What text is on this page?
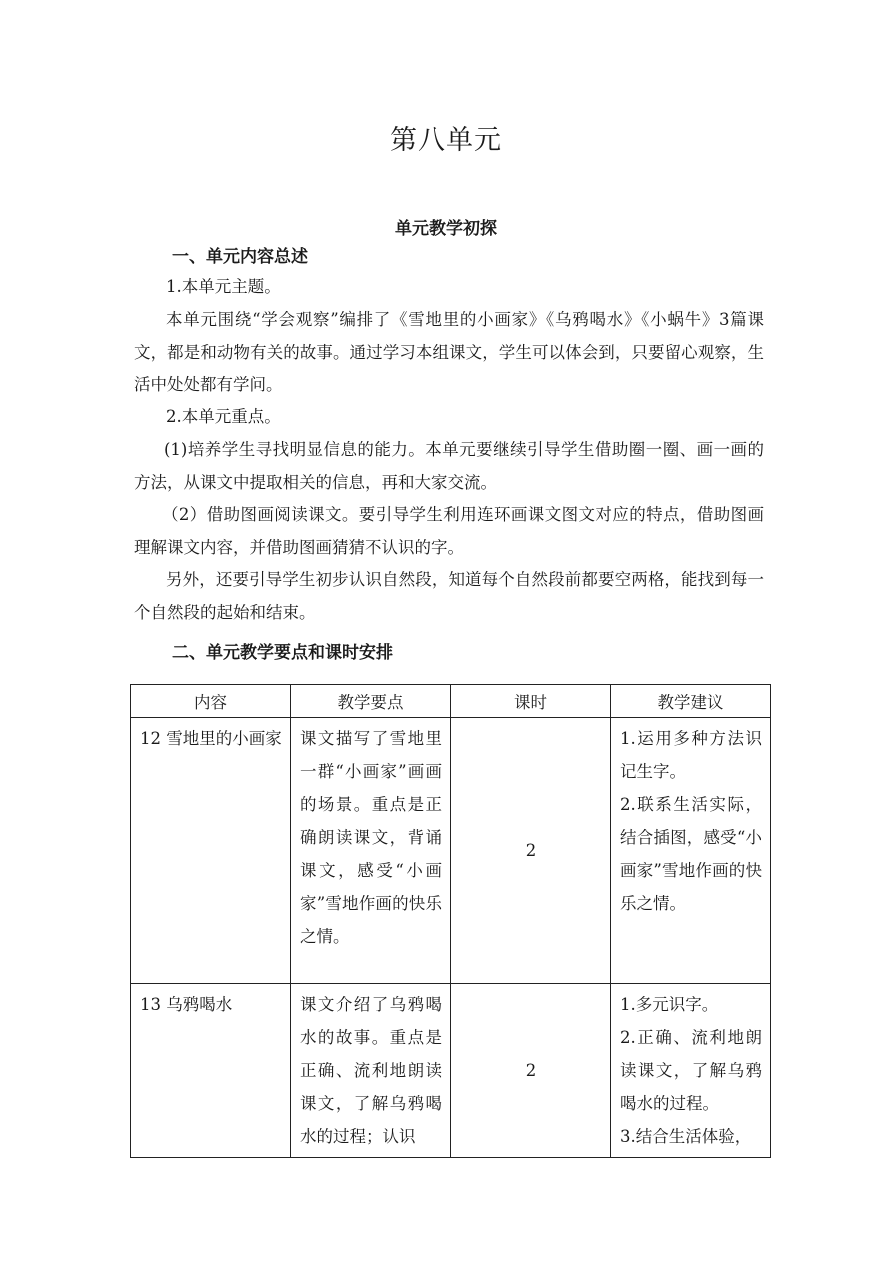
第八单元
单元教学初探
一、单元内容总述
1.本单元主题。
本单元围绕“学会观察”编排了《雪地里的小画家》《乌鸦喝水》《小蜗牛》3篇课文，都是和动物有关的故事。通过学习本组课文，学生可以体会到，只要留心观察，生活中处处都有学问。
2.本单元重点。
(1)培养学生寻找明显信息的能力。本单元要继续引导学生借助圈一圈、画一画的方法，从课文中提取相关的信息，再和大家交流。
（2）借助图画阅读课文。要引导学生利用连环画课文图文对应的特点，借助图画理解课文内容，并借助图画猜猜不认识的字。
另外，还要引导学生初步认识自然段，知道每个自然段前都要空两格，能找到每一个自然段的起始和结束。
二、单元教学要点和课时安排
内容	教学要点	课时	教学建议
12 雪地里的小画家	课文描写了雪地里一群“小画家”画画的场景。重点是正确朗读课文，背诵课文，感受“小画家”雪地作画的快乐之情。	2	1.运用多种方法识记生字。
2.联系生活实际，结合插图，感受“小画家”雪地作画的快乐之情。

13 乌鸦喝水	课文介绍了乌鸦喝水的故事。重点是正确、流利地朗读课文，了解乌鸦喝水的过程；认识	2	1.多元识字。
2.正确、流利地朗读课文，了解乌鸦喝水的过程。
3.结合生活体验，
